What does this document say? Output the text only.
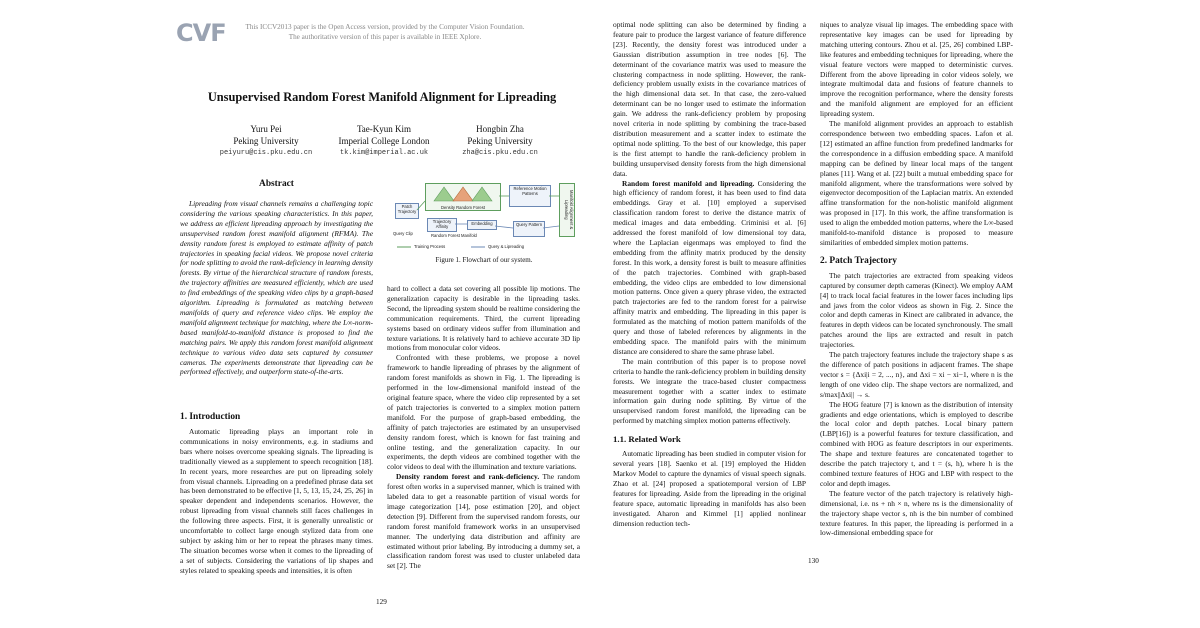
CVF	This ICCV2013 paper is the Open Access version, provided by the Computer Vision Foundation.
The authoritative version of this paper is available in IEEE Xplore.
Unsupervised Random Forest Manifold Alignment for Lipreading
Yuru Pei
Peking University
peiyuru@cis.pku.edu.cn
Tae-Kyun Kim
Imperial College London
tk.kim@imperial.ac.uk
Hongbin Zha
Peking University
zha@cis.pku.edu.cn
Abstract

Lipreading from visual channels remains a challenging topic considering the various speaking characteristics. In this paper, we address an efficient lipreading approach by investigating the unsupervised random forest manifold alignment (RFMA). The density random forest is employed to estimate affinity of patch trajectories in speaking facial videos. We propose novel criteria for node splitting to avoid the rank-deficiency in learning density forests. By virtue of the hierarchical structure of random forests, the trajectory affinities are measured efficiently, which are used to find embeddings of the speaking video clips by a graph-based algorithm. Lipreading is formulated as matching between manifolds of query and reference video clips. We employ the manifold alignment technique for matching, where the L∞-norm-based manifold-to-manifold distance is proposed to find the matching pairs. We apply this random forest manifold alignment technique to various video data sets captured by consumer cameras. The experiments demonstrate that lipreading can be performed effectively, and outperform state-of-the-arts.

Patch Trajectory
Density Random Forest
Trajectory Affinity
Embedding
Random Forest Manifold
Query Clip
Reference Motion Patterns
Query Pattern	Manifold Alignment & Lipreading
Training Process	Query & Lipreading
Figure 1. Flowchart of our system.
1. Introduction

Automatic lipreading plays an important role in communications in noisy environments, e.g. in stadiums and bars where noises overcome speaking signals. The lipreading is traditionally viewed as a supplement to speech recognition [18]. In recent years, more researches are put on lipreading solely from visual channels. Lipreading on a predefined phrase data set has been demonstrated to be effective [1, 5, 13, 15, 24, 25, 26] in speaker dependent and independents scenarios. However, the robust lipreading from visual channels still faces challenges in the following three aspects. First, it is generally unrealistic or uncomfortable to collect large enough stylized data from one subject by asking him or her to repeat the phrases many times. The situation becomes worse when it comes to the lipreading of a set of subjects. Considering the variations of lip shapes and styles related to speaking speeds and intensities, it is often

hard to collect a data set covering all possible lip motions. The generalization capacity is desirable in the lipreading tasks. Second, the lipreading system should be realtime considering the communication requirements. Third, the current lipreading systems based on ordinary videos suffer from illumination and texture variations. It is relatively hard to achieve accurate 3D lip motions from monocular color videos.

Confronted with these problems, we propose a novel framework to handle lipreading of phrases by the alignment of random forest manifolds as shown in Fig. 1. The lipreading is performed in the low-dimensional manifold instead of the original feature space, where the video clip represented by a set of patch trajectories is converted to a simplex motion pattern manifold. For the purpose of graph-based embedding, the affinity of patch trajectories are estimated by an unsupervised density random forest, which is known for fast training and online testing, and the generalization capacity. In our experiments, the depth videos are combined together with the color videos to deal with the illumination and texture variations.

Density random forest and rank-deficiency. The random forest often works in a supervised manner, which is trained with labeled data to get a reasonable partition of visual words for image categorization [14], pose estimation [20], and object detection [9]. Different from the supervised random forests, our random forest manifold framework works in an unsupervised manner. The underlying data distribution and affinity are estimated without prior labeling. By introducing a dummy set, a classification random forest was used to cluster unlabeled data set [2]. The

129

optimal node splitting can also be determined by finding a feature pair to produce the largest variance of feature difference [23]. Recently, the density forest was introduced under a Gaussian distribution assumption in tree nodes [6]. The determinant of the covariance matrix was used to measure the clustering compactness in node splitting. However, the rank-deficiency problem usually exists in the covariance matrices of the high dimensional data set. In that case, the zero-valued determinant can be no longer used to estimate the information gain. We address the rank-deficiency problem by proposing novel criteria in node splitting by combining the trace-based distribution measurement and a scatter index to estimate the optimal node splitting. To the best of our knowledge, this paper is the first attempt to handle the rank-deficiency problem in building unsupervised density forests from the high dimensional data.

Random forest manifold and lipreading. Considering the high efficiency of random forest, it has been used to find data embeddings. Gray et al. [10] employed a supervised classification random forest to derive the distance matrix of medical images and data embedding. Criminisi et al. [6] addressed the forest manifold of low dimensional toy data, where the Laplacian eigenmaps was employed to find the embedding from the affinity matrix produced by the density forest. In this work, a density forest is built to measure affinities of the patch trajectories. Combined with graph-based embedding, the video clips are embedded to low dimensional motion patterns. Once given a query phrase video, the extracted patch trajectories are fed to the random forest for a pairwise affinity matrix and embedding. The lipreading in this paper is formulated as the matching of motion pattern manifolds of the query and those of labeled references by alignments in the embedding space. The manifold pairs with the minimum distance are considered to share the same phrase label.

The main contribution of this paper is to propose novel criteria to handle the rank-deficiency problem in building density forests. We integrate the trace-based cluster compactness measurement together with a scatter index to estimate information gain during node splitting. By virtue of the unsupervised random forest manifold, the lipreading can be performed by matching simplex motion patterns effectively.

1.1. Related Work

Automatic lipreading has been studied in computer vision for several years [18]. Saenko et al. [19] employed the Hidden Markov Model to capture the dynamics of visual speech signals. Zhao et al. [24] proposed a spatiotemporal version of LBP features for lipreading. Aside from the lipreading in the original feature space, automatic lipreading in manifolds has also been investigated. Aharon and Kimmel [1] applied nonlinear dimension reduction tech-

niques to analyze visual lip images. The embedding space with representative key images can be used for lipreading by matching uttering contours. Zhou et al. [25, 26] combined LBP-like features and embedding techniques for lipreading, where the visual feature vectors were mapped to deterministic curves. Different from the above lipreading in color videos solely, we integrate multimodal data and fusions of feature channels to improve the recognition performance, where the density forests and the manifold alignment are employed for an efficient lipreading system.

The manifold alignment provides an approach to establish correspondence between two embedding spaces. Lafon et al. [12] estimated an affine function from predefined landmarks for the correspondence in a diffusion embedding space. A manifold mapping can be defined by linear local maps of the tangent planes [11]. Wang et al. [22] built a mutual embedding space for manifold alignment, where the transformations were solved by eigenvector decomposition of the Laplacian matrix. An extended affine transformation for the non-holistic manifold alignment was proposed in [17]. In this work, the affine transformation is used to align the embedded motion patterns, where the L∞-based manifold-to-manifold distance is proposed to measure similarities of embedded simplex motion patterns.

2. Patch Trajectory

The patch trajectories are extracted from speaking videos captured by consumer depth cameras (Kinect). We employ AAM [4] to track local facial features in the lower faces including lips and jaws from the color videos as shown in Fig. 2. Since the color and depth cameras in Kinect are calibrated in advance, the features in depth videos can be located synchronously. The small patches around the lips are extracted and result in patch trajectories.

The patch trajectory features include the trajectory shape s as the difference of patch positions in adjacent frames. The shape vector s = {Δxi|i = 2, ..., n}, and Δxi = xi − xi−1, where n is the length of one video clip. The shape vectors are normalized, and s/max||Δxi|| → s.

The HOG feature [7] is known as the distribution of intensity gradients and edge orientations, which is employed to describe the local color and depth patches. Local binary pattern (LBP[16]) is a powerful features for texture classification, and combined with HOG as feature descriptors in our experiments. The shape and texture features are concatenated together to describe the patch trajectory t, and t = (s, h), where h is the combined texture features of HOG and LBP with respect to the color and depth images.

The feature vector of the patch trajectory is relatively high-dimensional, i.e. ns + nh × n, where ns is the dimensionality of the trajectory shape vector s, nh is the bin number of combined texture features. In this paper, the lipreading is performed in a low-dimensional embedding space for

130
